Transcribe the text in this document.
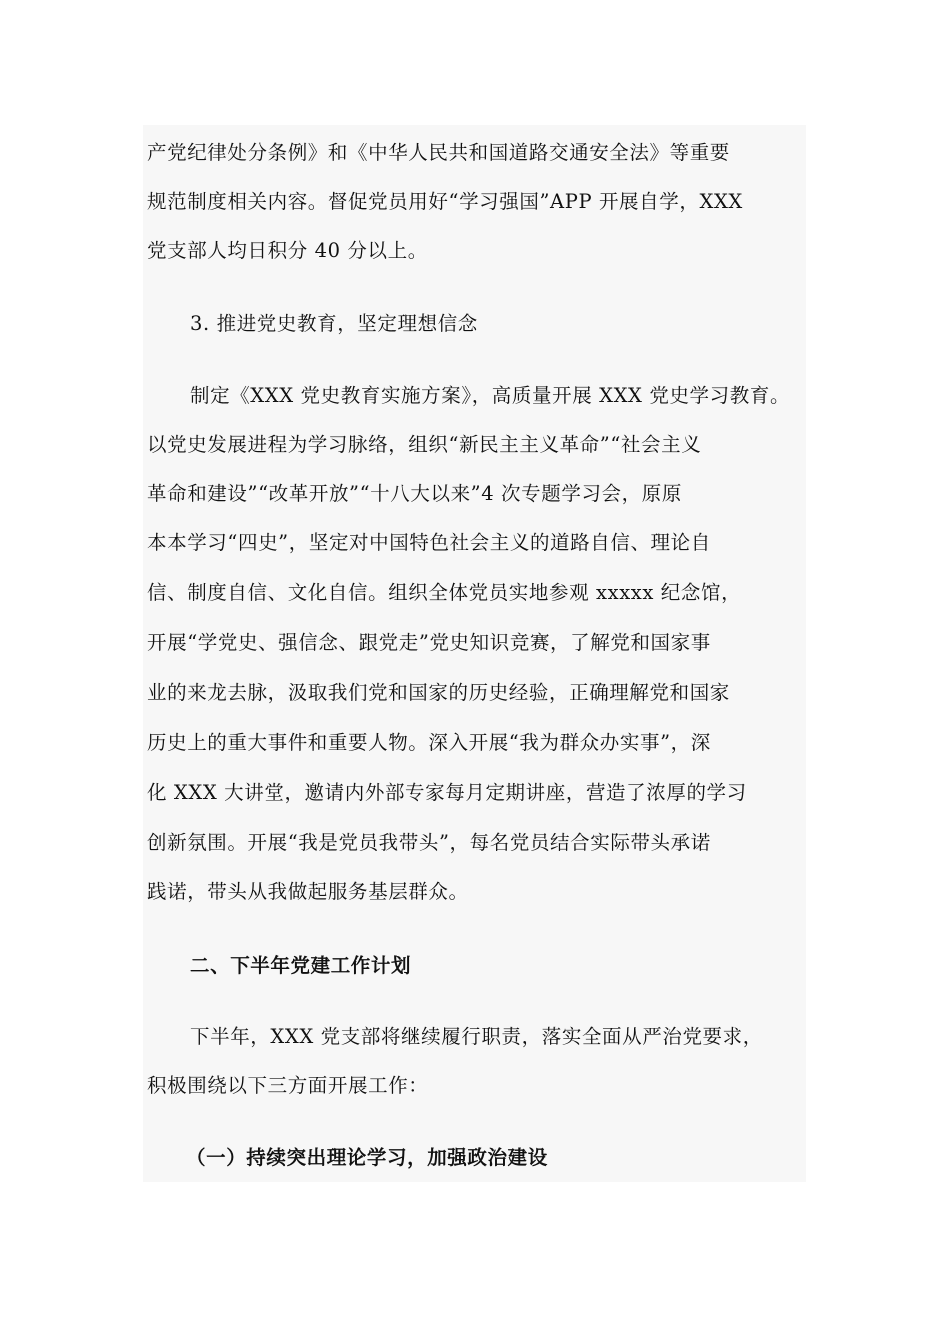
产党纪律处分条例》和《中华人民共和国道路交通安全法》等重要
规范制度相关内容。督促党员用好“学习强国”APP 开展自学，XXX
党支部人均日积分 40 分以上。
3. 推进党史教育，坚定理想信念
制定《XXX 党史教育实施方案》，高质量开展 XXX 党史学习教育。
以党史发展进程为学习脉络，组织“新民主主义革命”“社会主义
革命和建设”“改革开放”“十八大以来”4 次专题学习会，原原
本本学习“四史”，坚定对中国特色社会主义的道路自信、理论自
信、制度自信、文化自信。组织全体党员实地参观 xxxxx 纪念馆，
开展“学党史、强信念、跟党走”党史知识竞赛，了解党和国家事
业的来龙去脉，汲取我们党和国家的历史经验，正确理解党和国家
历史上的重大事件和重要人物。深入开展“我为群众办实事”，深
化 XXX 大讲堂，邀请内外部专家每月定期讲座，营造了浓厚的学习
创新氛围。开展“我是党员我带头”，每名党员结合实际带头承诺
践诺，带头从我做起服务基层群众。
二、下半年党建工作计划
下半年，XXX 党支部将继续履行职责，落实全面从严治党要求，
积极围绕以下三方面开展工作：
（一）持续突出理论学习，加强政治建设
